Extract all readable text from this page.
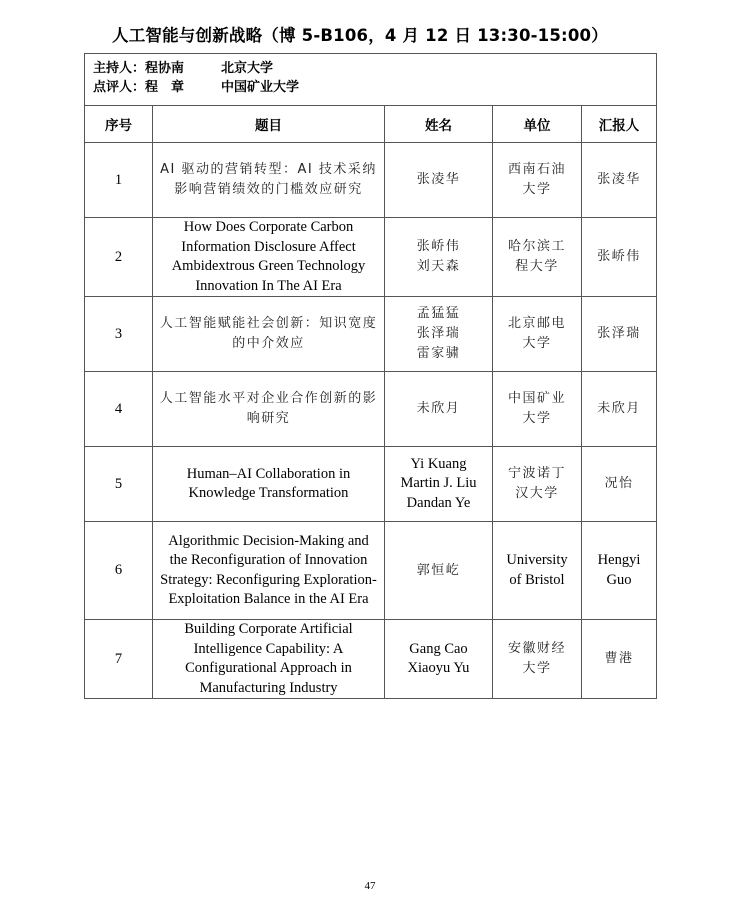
人工智能与创新战略（博 5-B106，4 月 12 日 13:30-15:00）
主持人：程协南 北京大学
点评人：程　章 中国矿业大学				

序号	题目	姓名	单位	汇报人

1	AI 驱动的营销转型：AI 技术采纳影响营销绩效的门槛效应研究	张凌华	西南石油大学	张凌华

2	How Does Corporate Carbon Information Disclosure Affect Ambidextrous Green Technology Innovation In The AI Era	张峤伟
刘天森	哈尔滨工程大学	张峤伟

3	人工智能赋能社会创新：知识宽度的中介效应	孟猛猛
张泽瑞
雷家骕	北京邮电大学	张泽瑞

4	人工智能水平对企业合作创新的影响研究	未欣月	中国矿业大学	未欣月

5	Human–AI Collaboration in Knowledge Transformation	Yi Kuang
Martin J. Liu
Dandan Ye	宁波诺丁汉大学	况怡

6	Algorithmic Decision-Making and the Reconfiguration of Innovation Strategy: Reconfiguring Exploration-Exploitation Balance in the AI Era	郭恒屹	University of Bristol	Hengyi Guo

7	Building Corporate Artificial Intelligence Capability: A Configurational Approach in Manufacturing Industry	Gang Cao
Xiaoyu Yu	安徽财经大学	曹港
47
